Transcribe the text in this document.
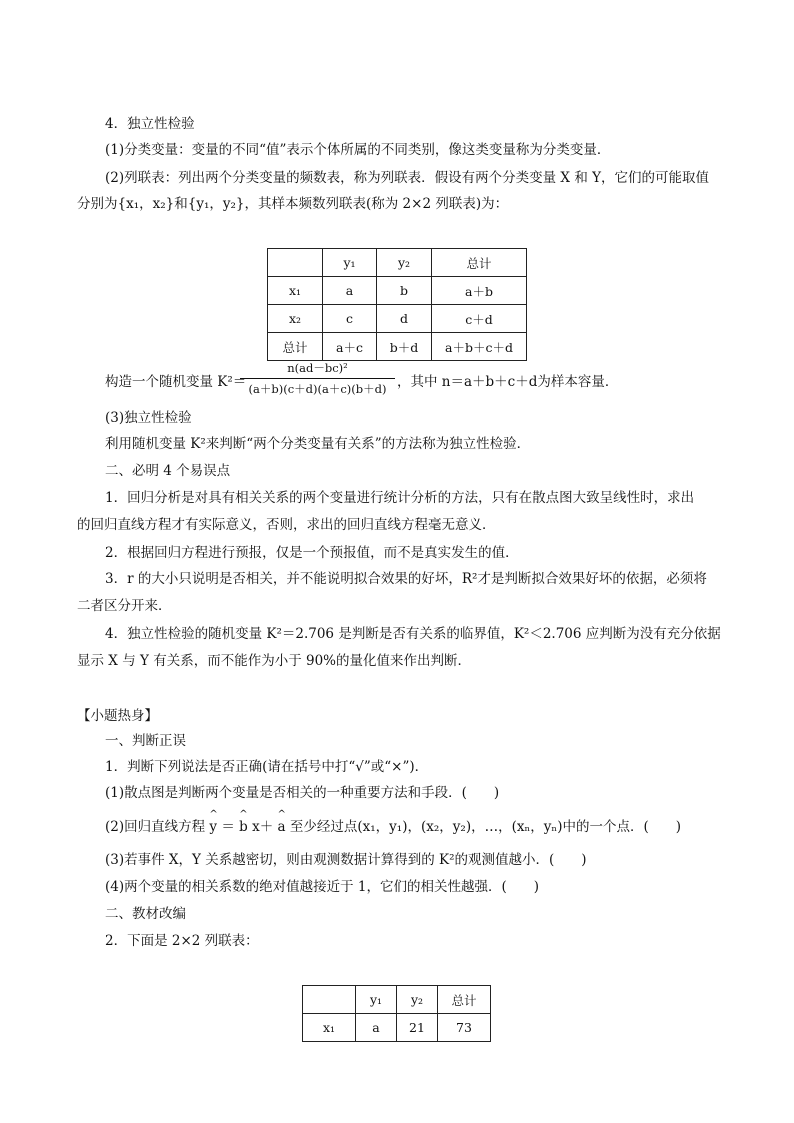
4．独立性检验
(1)分类变量：变量的不同“值”表示个体所属的不同类别，像这类变量称为分类变量．
(2)列联表：列出两个分类变量的频数表，称为列联表．假设有两个分类变量 X 和 Y，它们的可能取值
分别为{x₁，x₂}和{y₁，y₂}，其样本频数列联表(称为 2×2 列联表)为：
	y₁	y₂	总计
x₁	a	b	a＋b
x₂	c	d	c＋d
总计	a＋c	b＋d	a＋b＋c＋d
构造一个随机变量 K²＝
n(ad－bc)²
(a＋b)(c＋d)(a＋c)(b＋d) ，其中 n＝a＋b＋c＋d为样本容量．
(3)独立性检验
利用随机变量 K²来判断“两个分类变量有关系”的方法称为独立性检验．
二、必明 4 个易误点
1．回归分析是对具有相关关系的两个变量进行统计分析的方法，只有在散点图大致呈线性时，求出
的回归直线方程才有实际意义，否则，求出的回归直线方程毫无意义．
2．根据回归方程进行预报，仅是一个预报值，而不是真实发生的值．
3．r 的大小只说明是否相关，并不能说明拟合效果的好坏，R²才是判断拟合效果好坏的依据，必须将
二者区分开来．
4．独立性检验的随机变量 K²＝2.706 是判断是否有关系的临界值，K²＜2.706 应判断为没有充分依据
显示 X 与 Y 有关系，而不能作为小于 90%的量化值来作出判断．
【小题热身】
一、判断正误
1．判断下列说法是否正确(请在括号中打“√”或“×”)．
(1)散点图是判断两个变量是否相关的一种重要方法和手段．(　　)
(2)回归直线方程 ^ y ＝ ^ b x＋ ^ a 至少经过点(x₁，y₁)，(x₂，y₂)，…，(xₙ，yₙ)中的一个点．(　　)
(3)若事件 X，Y 关系越密切，则由观测数据计算得到的 K²的观测值越小．(　　)
(4)两个变量的相关系数的绝对值越接近于 1，它们的相关性越强．(　　)
二、教材改编
2．下面是 2×2 列联表：
	y₁	y₂	总计
x₁	a	21	73
